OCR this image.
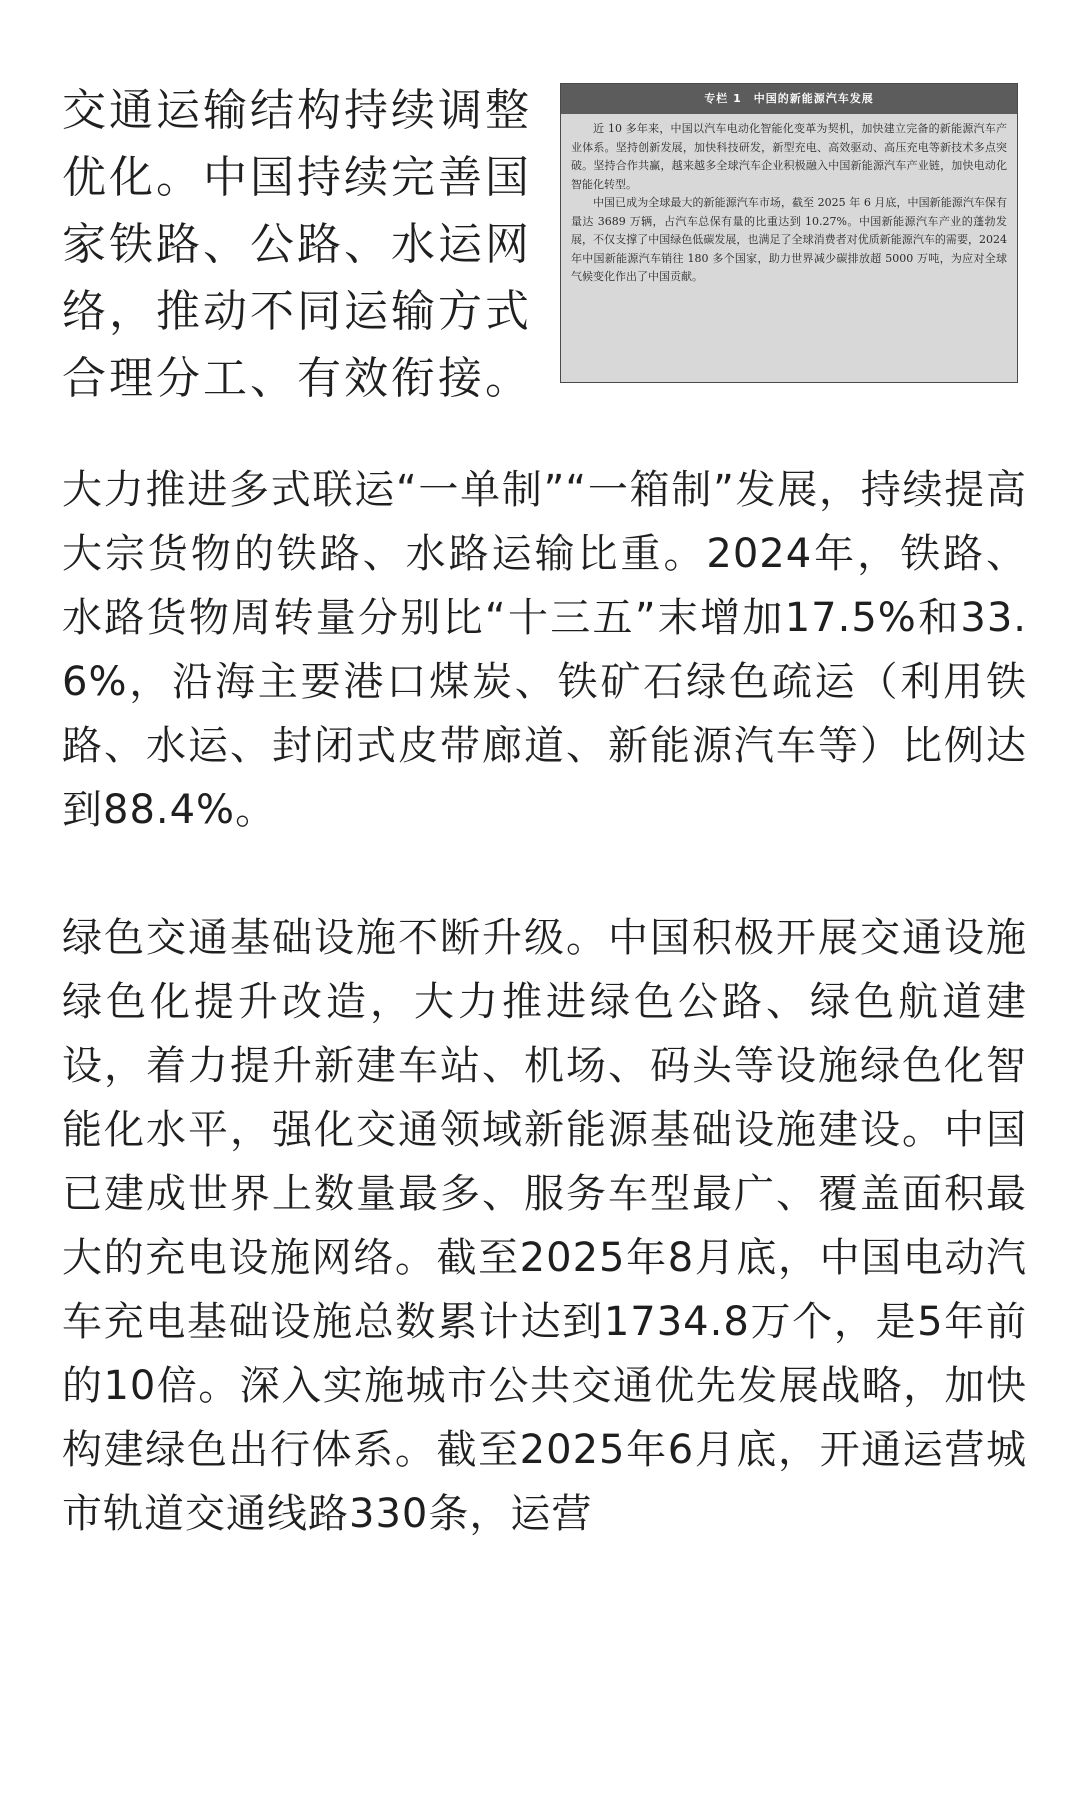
交通运输结构持续调整优化。中国持续完善国家铁路、公路、水运网络，推动不同运输方式合理分工、有效衔接。
专栏 1　中国的新能源汽车发展

近 10 多年来，中国以汽车电动化智能化变革为契机，加快建立完备的新能源汽车产业体系。坚持创新发展，加快科技研发，新型充电、高效驱动、高压充电等新技术多点突破。坚持合作共赢，越来越多全球汽车企业积极融入中国新能源汽车产业链，加快电动化智能化转型。

中国已成为全球最大的新能源汽车市场，截至 2025 年 6 月底，中国新能源汽车保有量达 3689 万辆，占汽车总保有量的比重达到 10.27%。中国新能源汽车产业的蓬勃发展，不仅支撑了中国绿色低碳发展，也满足了全球消费者对优质新能源汽车的需要，2024 年中国新能源汽车销往 180 多个国家，助力世界减少碳排放超 5000 万吨，为应对全球气候变化作出了中国贡献。

大力推进多式联运“一单制”“一箱制”发展，持续提高大宗货物的铁路、水路运输比重。2024年，铁路、水路货物周转量分别比“十三五”末增加17.5%和33.6%，沿海主要港口煤炭、铁矿石绿色疏运（利用铁路、水运、封闭式皮带廊道、新能源汽车等）比例达到88.4%。
绿色交通基础设施不断升级。中国积极开展交通设施绿色化提升改造，大力推进绿色公路、绿色航道建设，着力提升新建车站、机场、码头等设施绿色化智能化水平，强化交通领域新能源基础设施建设。中国已建成世界上数量最多、服务车型最广、覆盖面积最大的充电设施网络。截至2025年8月底，中国电动汽车充电基础设施总数累计达到1734.8万个，是5年前的10倍。深入实施城市公共交通优先发展战略，加快构建绿色出行体系。截至2025年6月底，开通运营城市轨道交通线路330条，运营
